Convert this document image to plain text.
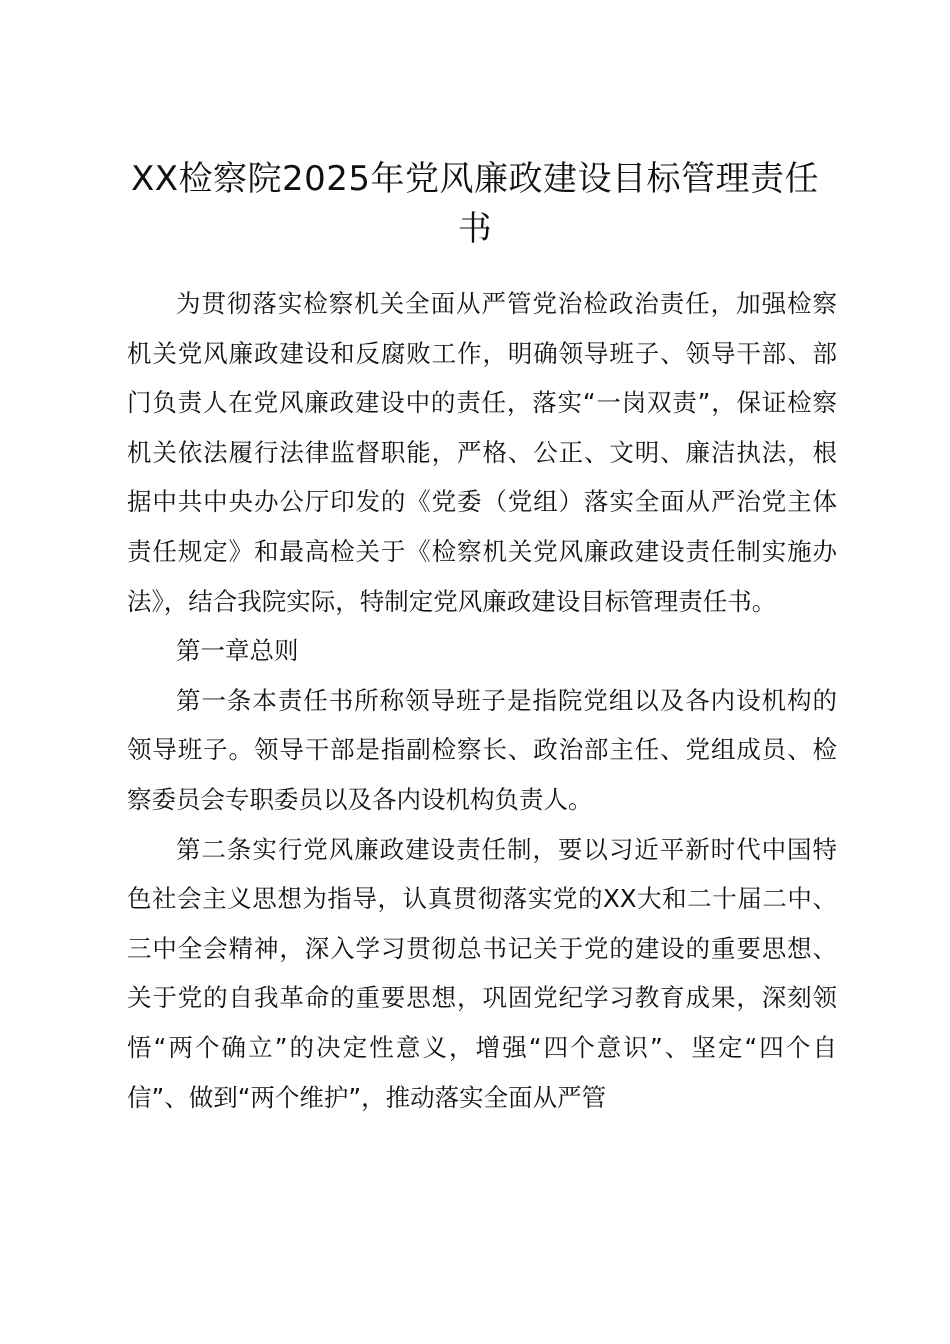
XX检察院2025年党风廉政建设目标管理责任书

为贯彻落实检察机关全面从严管党治检政治责任，加强检察机关党风廉政建设和反腐败工作，明确领导班子、领导干部、部门负责人在党风廉政建设中的责任，落实“一岗双责”，保证检察机关依法履行法律监督职能，严格、公正、文明、廉洁执法，根据中共中央办公厅印发的《党委（党组）落实全面从严治党主体责任规定》和最高检关于《检察机关党风廉政建设责任制实施办法》，结合我院实际，特制定党风廉政建设目标管理责任书。

第一章总则

第一条本责任书所称领导班子是指院党组以及各内设机构的领导班子。领导干部是指副检察长、政治部主任、党组成员、检察委员会专职委员以及各内设机构负责人。

第二条实行党风廉政建设责任制，要以习近平新时代中国特色社会主义思想为指导，认真贯彻落实党的XX大和二十届二中、三中全会精神，深入学习贯彻总书记关于党的建设的重要思想、关于党的自我革命的重要思想，巩固党纪学习教育成果，深刻领悟“两个确立”的决定性意义，增强“四个意识”、坚定“四个自信”、做到“两个维护”，推动落实全面从严管
